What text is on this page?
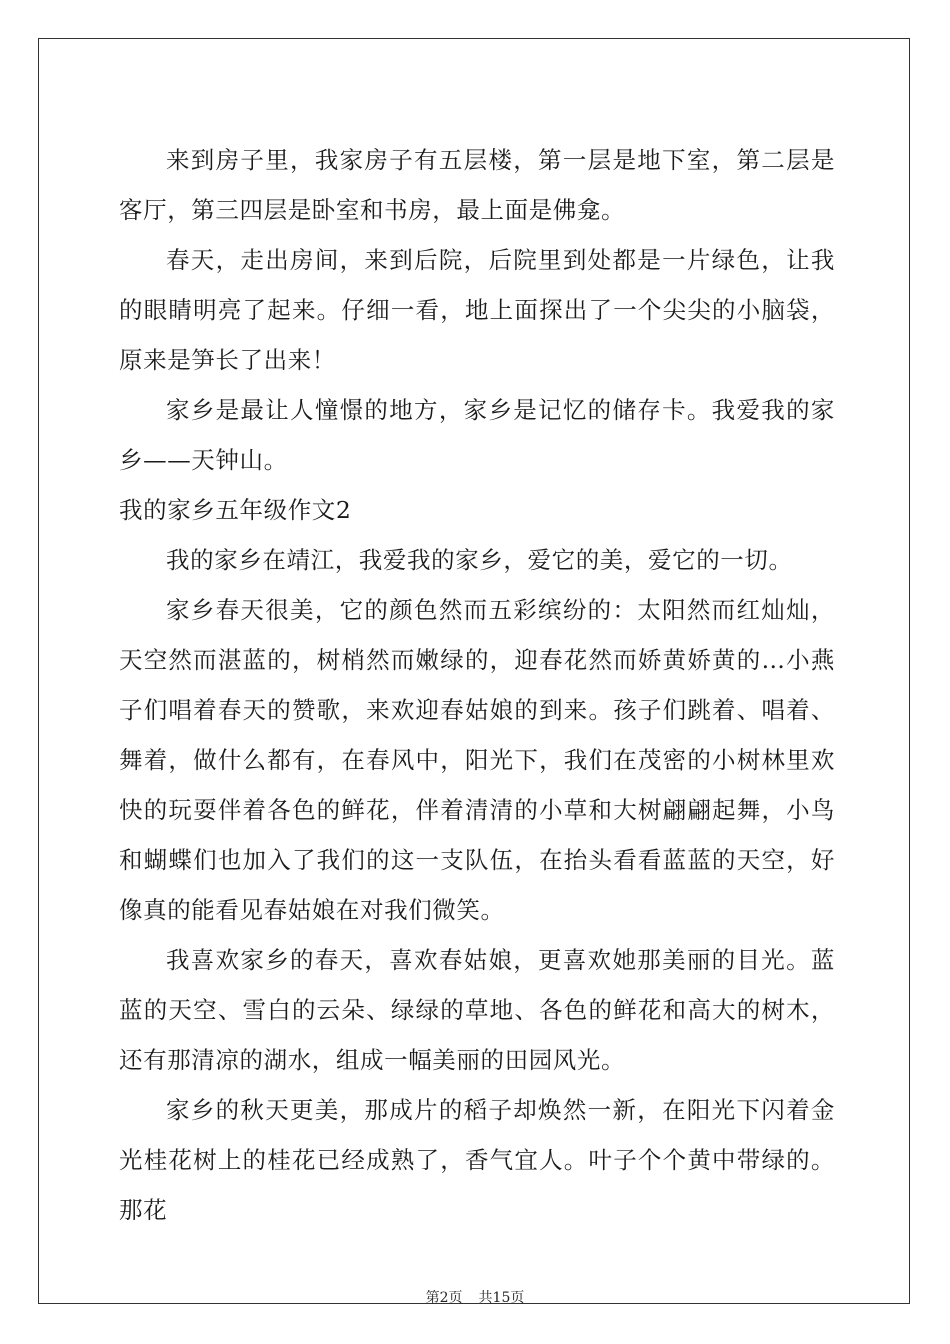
来到房子里，我家房子有五层楼，第一层是地下室，第二层是客厅，第三四层是卧室和书房，最上面是佛龛。

春天，走出房间，来到后院，后院里到处都是一片绿色，让我的眼睛明亮了起来。仔细一看，地上面探出了一个尖尖的小脑袋，原来是笋长了出来！

家乡是最让人憧憬的地方，家乡是记忆的储存卡。我爱我的家乡——天钟山。

我的家乡五年级作文2

我的家乡在靖江，我爱我的家乡，爱它的美，爱它的一切。

家乡春天很美，它的颜色然而五彩缤纷的：太阳然而红灿灿，天空然而湛蓝的，树梢然而嫩绿的，迎春花然而娇黄娇黄的…小燕子们唱着春天的赞歌，来欢迎春姑娘的到来。孩子们跳着、唱着、舞着，做什么都有，在春风中，阳光下，我们在茂密的小树林里欢快的玩耍伴着各色的鲜花，伴着清清的小草和大树翩翩起舞，小鸟和蝴蝶们也加入了我们的这一支队伍，在抬头看看蓝蓝的天空，好像真的能看见春姑娘在对我们微笑。

我喜欢家乡的春天，喜欢春姑娘，更喜欢她那美丽的目光。蓝蓝的天空、雪白的云朵、绿绿的草地、各色的鲜花和高大的树木，还有那清凉的湖水，组成一幅美丽的田园风光。

家乡的秋天更美，那成片的稻子却焕然一新，在阳光下闪着金光桂花树上的桂花已经成熟了，香气宜人。叶子个个黄中带绿的。那花

第2页 共15页
